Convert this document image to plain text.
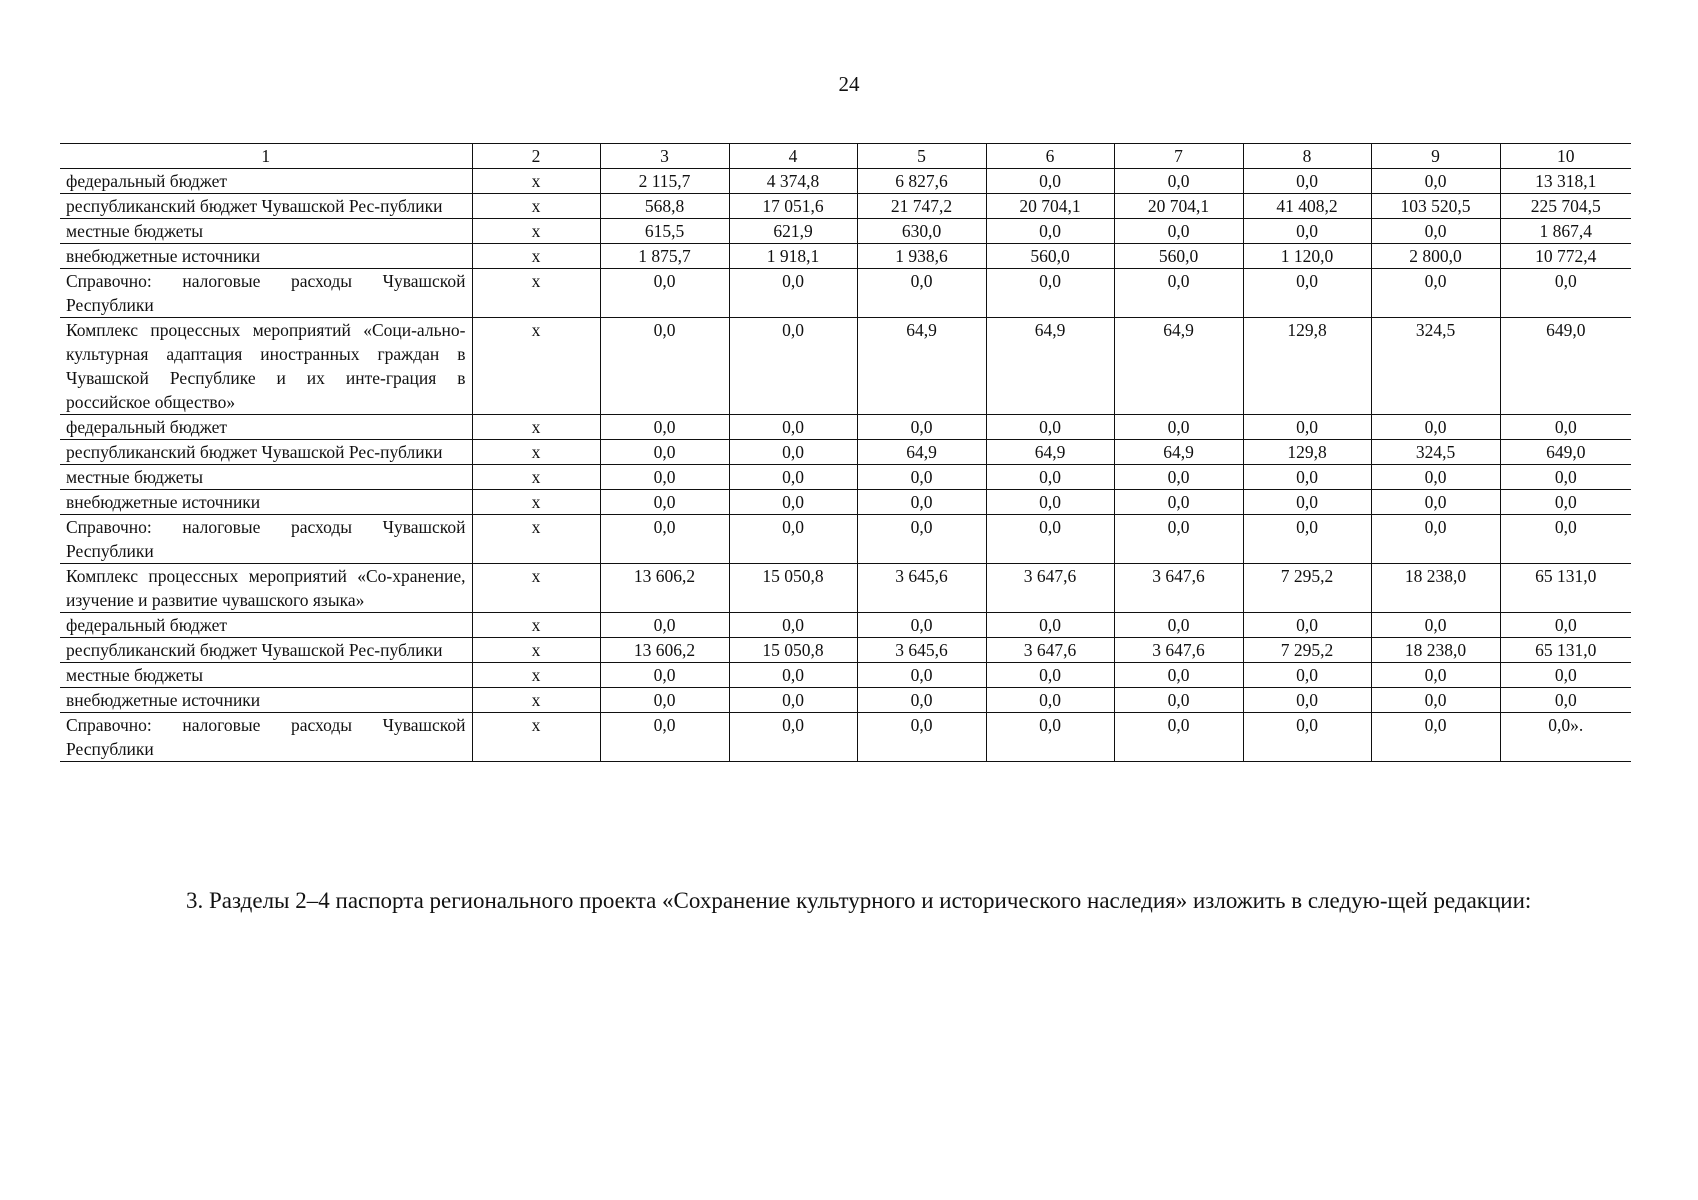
24
1	2	3	4	5	6	7	8	9	10
федеральный бюджет	x	2 115,7	4 374,8	6 827,6	0,0	0,0	0,0	0,0	13 318,1
республиканский бюджет Чувашской Рес-публики	x	568,8	17 051,6	21 747,2	20 704,1	20 704,1	41 408,2	103 520,5	225 704,5
местные бюджеты	x	615,5	621,9	630,0	0,0	0,0	0,0	0,0	1 867,4
внебюджетные источники	x	1 875,7	1 918,1	1 938,6	560,0	560,0	1 120,0	2 800,0	10 772,4
Справочно: налоговые расходы Чувашской Республики	x	0,0	0,0	0,0	0,0	0,0	0,0	0,0	0,0
Комплекс процессных мероприятий «Соци-ально-культурная адаптация иностранных граждан в Чувашской Республике и их инте-грация в российское общество»	x	0,0	0,0	64,9	64,9	64,9	129,8	324,5	649,0
федеральный бюджет	x	0,0	0,0	0,0	0,0	0,0	0,0	0,0	0,0
республиканский бюджет Чувашской Рес-публики	x	0,0	0,0	64,9	64,9	64,9	129,8	324,5	649,0
местные бюджеты	x	0,0	0,0	0,0	0,0	0,0	0,0	0,0	0,0
внебюджетные источники	x	0,0	0,0	0,0	0,0	0,0	0,0	0,0	0,0
Справочно: налоговые расходы Чувашской Республики	x	0,0	0,0	0,0	0,0	0,0	0,0	0,0	0,0
Комплекс процессных мероприятий «Со-хранение, изучение и развитие чувашского языка»	x	13 606,2	15 050,8	3 645,6	3 647,6	3 647,6	7 295,2	18 238,0	65 131,0
федеральный бюджет	x	0,0	0,0	0,0	0,0	0,0	0,0	0,0	0,0
республиканский бюджет Чувашской Рес-публики	x	13 606,2	15 050,8	3 645,6	3 647,6	3 647,6	7 295,2	18 238,0	65 131,0
местные бюджеты	x	0,0	0,0	0,0	0,0	0,0	0,0	0,0	0,0
внебюджетные источники	x	0,0	0,0	0,0	0,0	0,0	0,0	0,0	0,0
Справочно: налоговые расходы Чувашской Республики	x	0,0	0,0	0,0	0,0	0,0	0,0	0,0	0,0».
3. Разделы 2–4 паспорта регионального проекта «Сохранение культурного и исторического наследия» изложить в следую-щей редакции:
